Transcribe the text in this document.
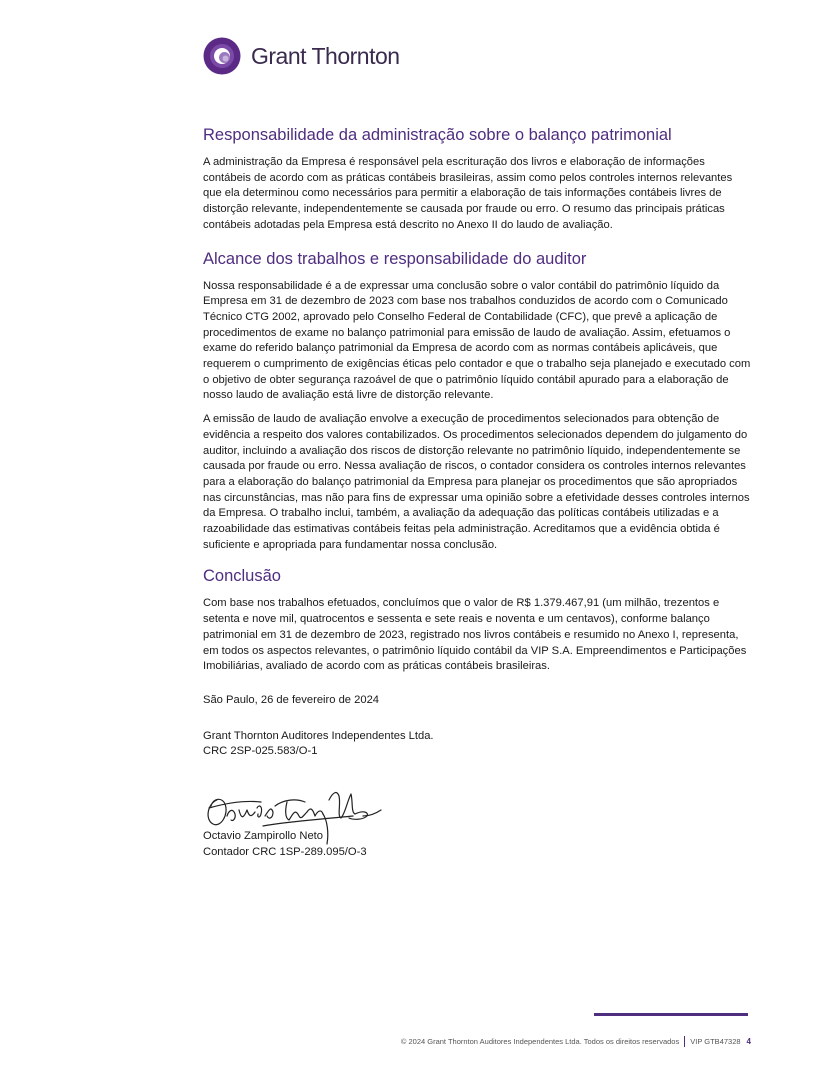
Grant Thornton
Responsabilidade da administração sobre o balanço patrimonial

A administração da Empresa é responsável pela escrituração dos livros e elaboração de informações contábeis de acordo com as práticas contábeis brasileiras, assim como pelos controles internos relevantes que ela determinou como necessários para permitir a elaboração de tais informações contábeis livres de distorção relevante, independentemente se causada por fraude ou erro. O resumo das principais práticas contábeis adotadas pela Empresa está descrito no Anexo II do laudo de avaliação.

Alcance dos trabalhos e responsabilidade do auditor

Nossa responsabilidade é a de expressar uma conclusão sobre o valor contábil do patrimônio líquido da Empresa em 31 de dezembro de 2023 com base nos trabalhos conduzidos de acordo com o Comunicado Técnico CTG 2002, aprovado pelo Conselho Federal de Contabilidade (CFC), que prevê a aplicação de procedimentos de exame no balanço patrimonial para emissão de laudo de avaliação. Assim, efetuamos o exame do referido balanço patrimonial da Empresa de acordo com as normas contábeis aplicáveis, que requerem o cumprimento de exigências éticas pelo contador e que o trabalho seja planejado e executado com o objetivo de obter segurança razoável de que o patrimônio líquido contábil apurado para a elaboração de nosso laudo de avaliação está livre de distorção relevante.

A emissão de laudo de avaliação envolve a execução de procedimentos selecionados para obtenção de evidência a respeito dos valores contabilizados. Os procedimentos selecionados dependem do julgamento do auditor, incluindo a avaliação dos riscos de distorção relevante no patrimônio líquido, independentemente se causada por fraude ou erro. Nessa avaliação de riscos, o contador considera os controles internos relevantes para a elaboração do balanço patrimonial da Empresa para planejar os procedimentos que são apropriados nas circunstâncias, mas não para fins de expressar uma opinião sobre a efetividade desses controles internos da Empresa. O trabalho inclui, também, a avaliação da adequação das políticas contábeis utilizadas e a razoabilidade das estimativas contábeis feitas pela administração. Acreditamos que a evidência obtida é suficiente e apropriada para fundamentar nossa conclusão.

Conclusão

Com base nos trabalhos efetuados, concluímos que o valor de R$ 1.379.467,91 (um milhão, trezentos e setenta e nove mil, quatrocentos e sessenta e sete reais e noventa e um centavos), conforme balanço patrimonial em 31 de dezembro de 2023, registrado nos livros contábeis e resumido no Anexo I, representa, em todos os aspectos relevantes, o patrimônio líquido contábil da VIP S.A. Empreendimentos e Participações Imobiliárias, avaliado de acordo com as práticas contábeis brasileiras.

São Paulo, 26 de fevereiro de 2024

Grant Thornton Auditores Independentes Ltda.

CRC 2SP-025.583/O-1

Octavio Zampirollo Neto

Contador CRC 1SP-289.095/O-3

© 2024 Grant Thornton Auditores Independentes Ltda. Todos os direitos reservados VIP GTB47328 4
